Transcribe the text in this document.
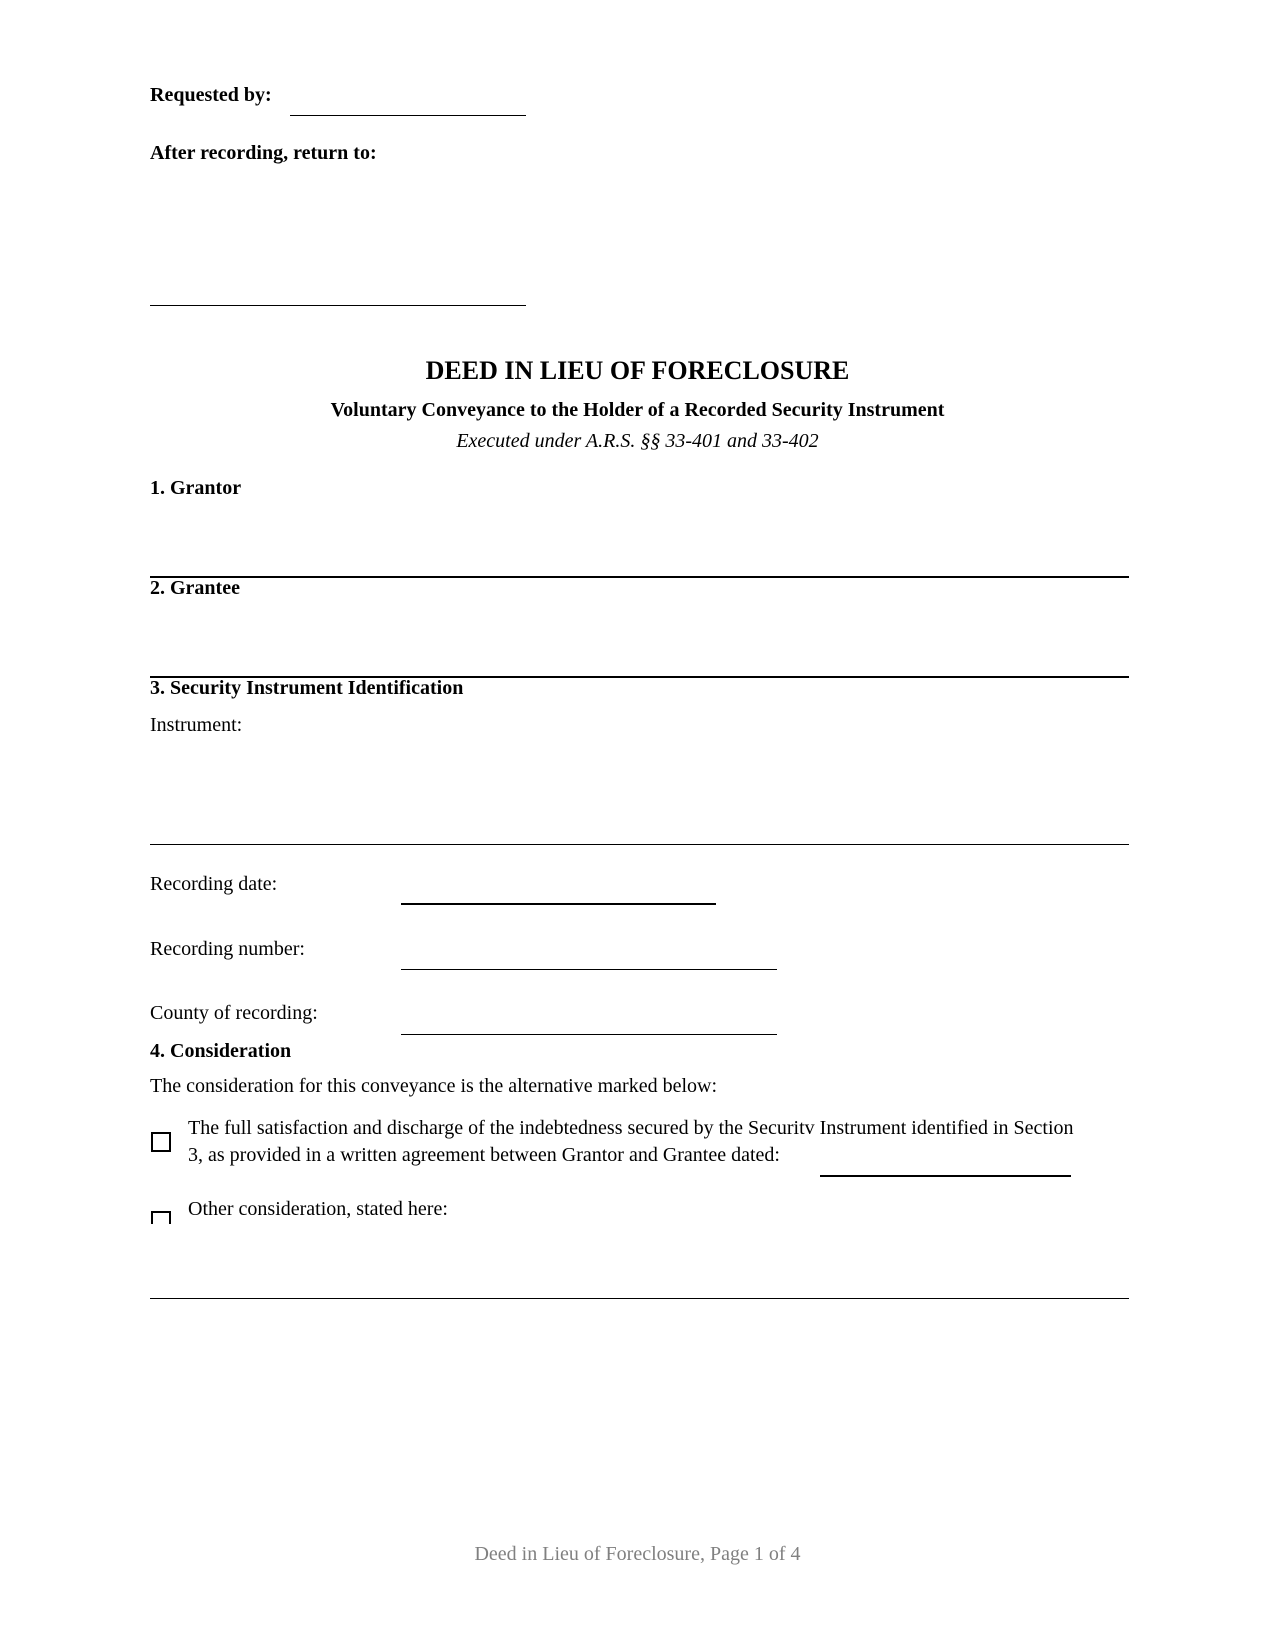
Requested by:
After recording, return to:
DEED IN LIEU OF FORECLOSURE
Voluntary Conveyance to the Holder of a Recorded Security Instrument
Executed under A.R.S. §§ 33-401 and 33-402
1. Grantor
2. Grantee
3. Security Instrument Identification
Instrument:
Recording date:
Recording number:
County of recording:
4. Consideration
The consideration for this conveyance is the alternative marked below:
The full satisfaction and discharge of the indebtedness secured by the Securitv Instrument identified in Section
3, as provided in a written agreement between Grantor and Grantee dated:
Other consideration, stated here:
Deed in Lieu of Foreclosure, Page 1 of 4
